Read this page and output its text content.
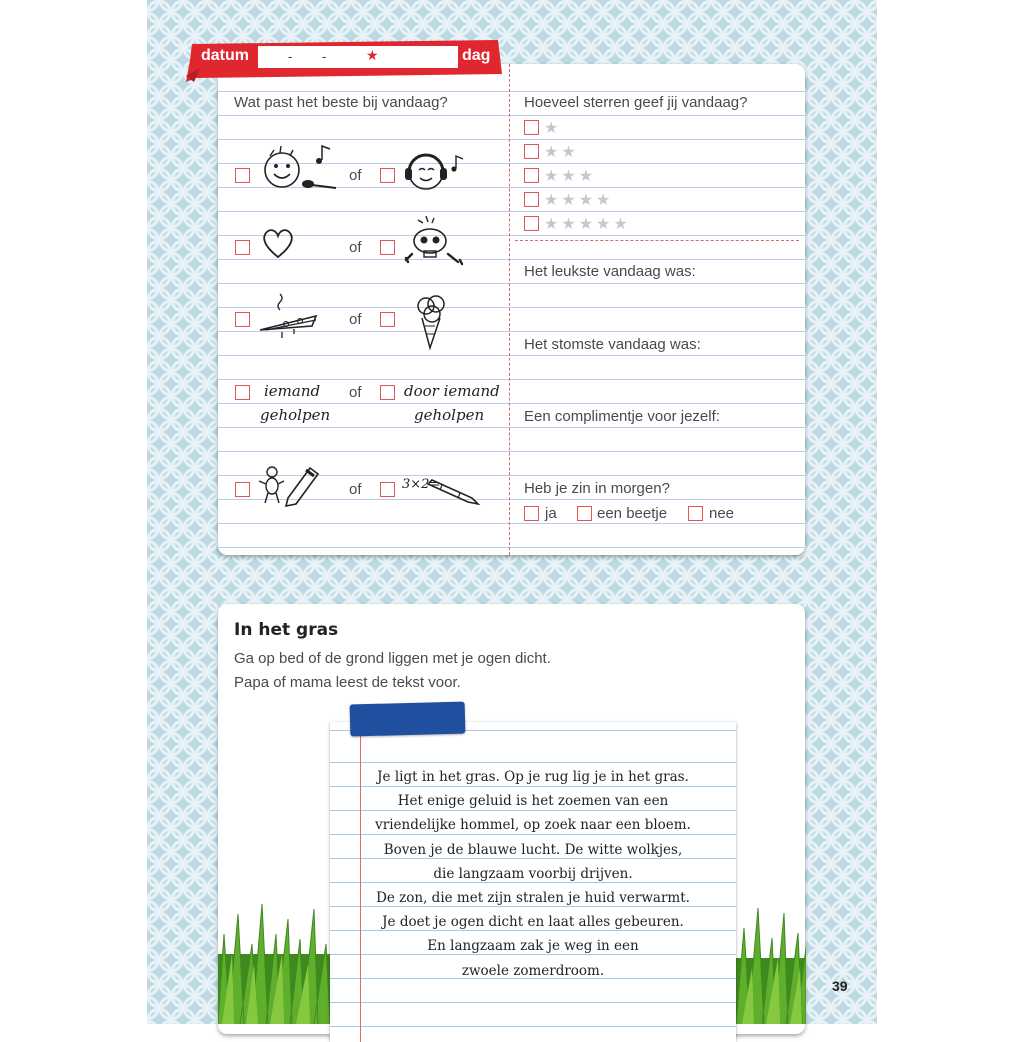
Wat past het beste bij vandaag?
of
of
of
iemand
geholpen
of	door iemand
geholpen
of	3×2=
Hoeveel sterren geef jij vandaag?
★
★★
★★★
★★★★
★★★★★
Het leukste vandaag was:
Het stomste vandaag was:
Een complimentje voor jezelf:
Heb je zin in morgen?
ja	een beetje	nee
datum	- -	★	dag
In het gras
Ga op bed of de grond liggen met je ogen dicht.
Papa of mama leest de tekst voor.
Je ligt in het gras. Op je rug lig je in het gras.
Het enige geluid is het zoemen van een
vriendelijke hommel, op zoek naar een bloem.
Boven je de blauwe lucht. De witte wolkjes,
die langzaam voorbij drijven.
De zon, die met zijn stralen je huid verwarmt.
Je doet je ogen dicht en laat alles gebeuren.
En langzaam zak je weg in een
zwoele zomerdroom.
39
